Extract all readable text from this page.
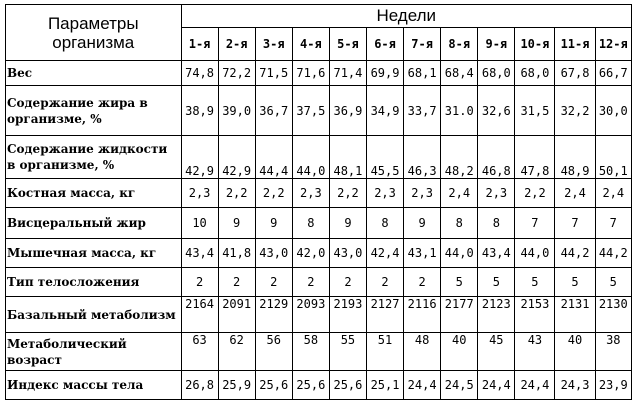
Параметры организма	Недели											
	1-я	2-я	3-я	4-я	5-я	6-я	7-я	8-я	9-я	10-я	11-я	12-я
Вес	74,8	72,2	71,5	71,6	71,4	69,9	68,1	68,4	68,0	68,0	67,8	66,7
Содержание жира в организме, %	38,9	39,0	36,7	37,5	36,9	34,9	33,7	31.0	32,6	31,5	32,2	30,0
Содержание жидкости в организме, %	42,9	42,9	44,4	44,0	48,1	45,5	46,3	48,2	46,8	47,8	48,9	50,1
Костная масса, кг	2,3	2,2	2,2	2,3	2,2	2,3	2,3	2,4	2,3	2,2	2,4	2,4
Висцеральный жир	10	9	9	8	9	8	9	8	8	7	7	7
Мышечная масса, кг	43,4	41,8	43,0	42,0	43,0	42,4	43,1	44,0	43,4	44,0	44,2	44,2
Тип телосложения	2	2	2	2	2	2	2	5	5	5	5	5
Базальный метаболизм	2164	2091	2129	2093	2193	2127	2116	2177	2123	2153	2131	2130
Метаболический возраст	63	62	56	58	55	51	48	40	45	43	40	38
Индекс массы тела	26,8	25,9	25,6	25,6	25,6	25,1	24,4	24,5	24,4	24,4	24,3	23,9
